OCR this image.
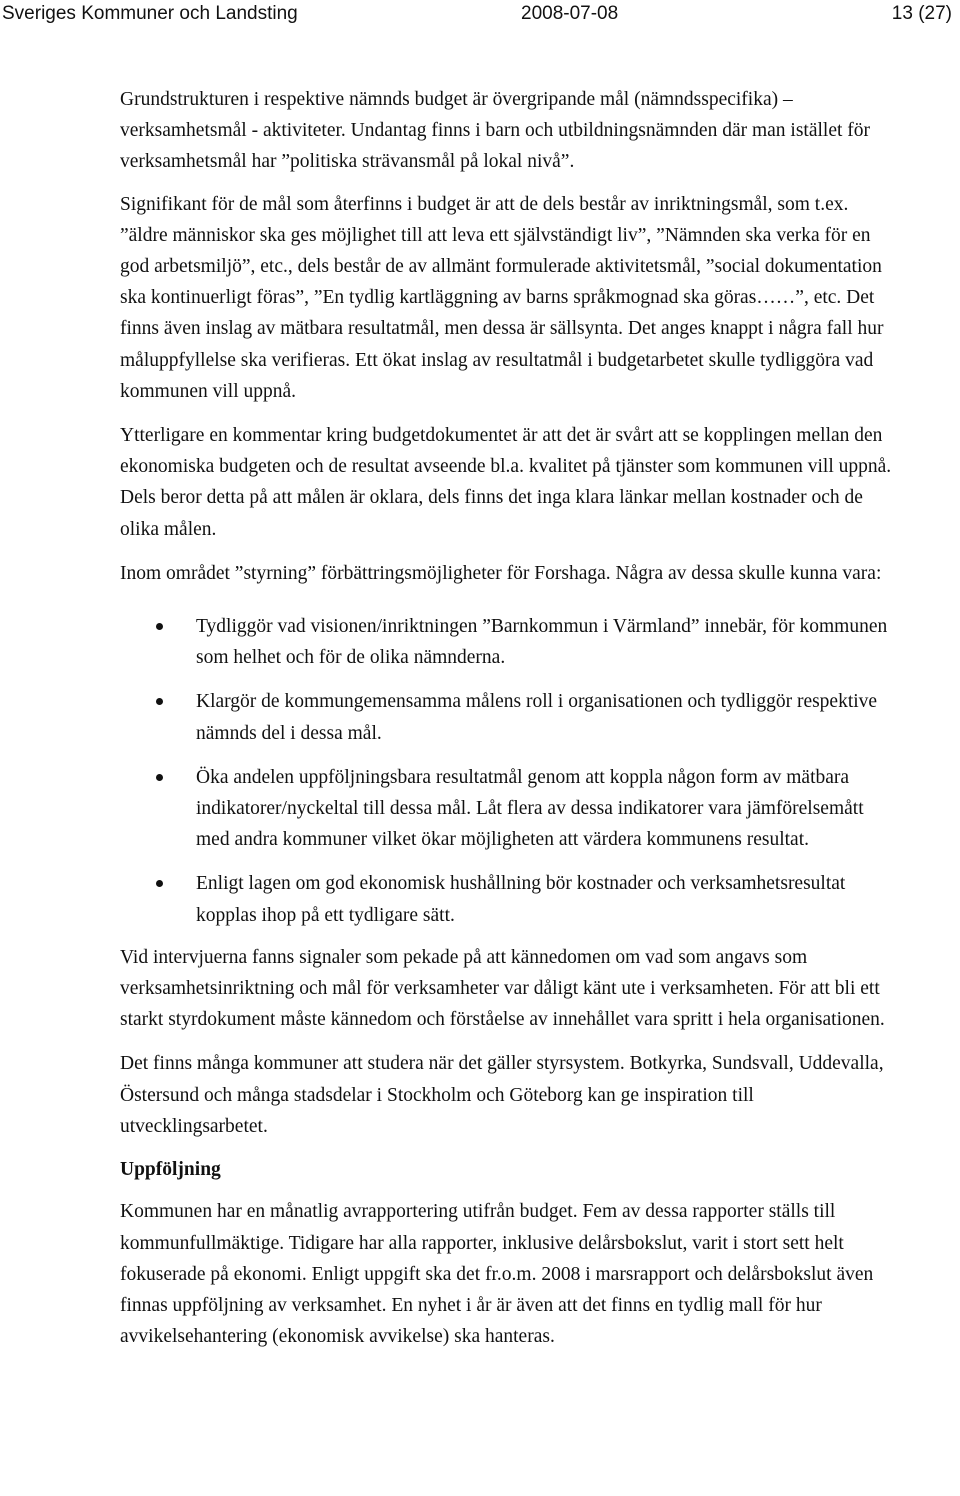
Sveriges Kommuner och Landsting	2008-07-08	13 (27)

Grundstrukturen i respektive nämnds budget är övergripande mål (nämndsspecifika) – verksamhetsmål - aktiviteter. Undantag finns i barn och utbildningsnämnden där man istället för verksamhetsmål har ”politiska strävansmål på lokal nivå”.

Signifikant för de mål som återfinns i budget är att de dels består av inriktningsmål, som t.ex. ”äldre människor ska ges möjlighet till att leva ett självständigt liv”, ”Nämnden ska verka för en god arbetsmiljö”, etc., dels består de av allmänt formulerade aktivitetsmål, ”social dokumentation ska kontinuerligt föras”, ”En tydlig kartläggning av barns språkmognad ska göras……”, etc. Det finns även inslag av mätbara resultatmål, men dessa är sällsynta. Det anges knappt i några fall hur måluppfyllelse ska verifieras. Ett ökat inslag av resultatmål i budgetarbetet skulle tydliggöra vad kommunen vill uppnå.

Ytterligare en kommentar kring budgetdokumentet är att det är svårt att se kopplingen mellan den ekonomiska budgeten och de resultat avseende bl.a. kvalitet på tjänster som kommunen vill uppnå. Dels beror detta på att målen är oklara, dels finns det inga klara länkar mellan kostnader och de olika målen.

Inom området ”styrning” förbättringsmöjligheter för Forshaga. Några av dessa skulle kunna vara:

Tydliggör vad visionen/inriktningen ”Barnkommun i Värmland” innebär, för kommunen som helhet och för de olika nämnderna.
Klargör de kommungemensamma målens roll i organisationen och tydliggör respektive nämnds del i dessa mål.
Öka andelen uppföljningsbara resultatmål genom att koppla någon form av mätbara indikatorer/nyckeltal till dessa mål. Låt flera av dessa indikatorer vara jämförelsemått med andra kommuner vilket ökar möjligheten att värdera kommunens resultat.
Enligt lagen om god ekonomisk hushållning bör kostnader och verksamhetsresultat kopplas ihop på ett tydligare sätt.

Vid intervjuerna fanns signaler som pekade på att kännedomen om vad som angavs som verksamhetsinriktning och mål för verksamheter var dåligt känt ute i verksamheten. För att bli ett starkt styrdokument måste kännedom och förståelse av innehållet vara spritt i hela organisationen.

Det finns många kommuner att studera när det gäller styrsystem. Botkyrka, Sundsvall, Uddevalla, Östersund och många stadsdelar i Stockholm och Göteborg kan ge inspiration till utvecklingsarbetet.

Uppföljning

Kommunen har en månatlig avrapportering utifrån budget. Fem av dessa rapporter ställs till kommunfullmäktige. Tidigare har alla rapporter, inklusive delårsbokslut, varit i stort sett helt fokuserade på ekonomi. Enligt uppgift ska det fr.o.m. 2008 i marsrapport och delårsbokslut även finnas uppföljning av verksamhet. En nyhet i år är även att det finns en tydlig mall för hur avvikelsehantering (ekonomisk avvikelse) ska hanteras.
